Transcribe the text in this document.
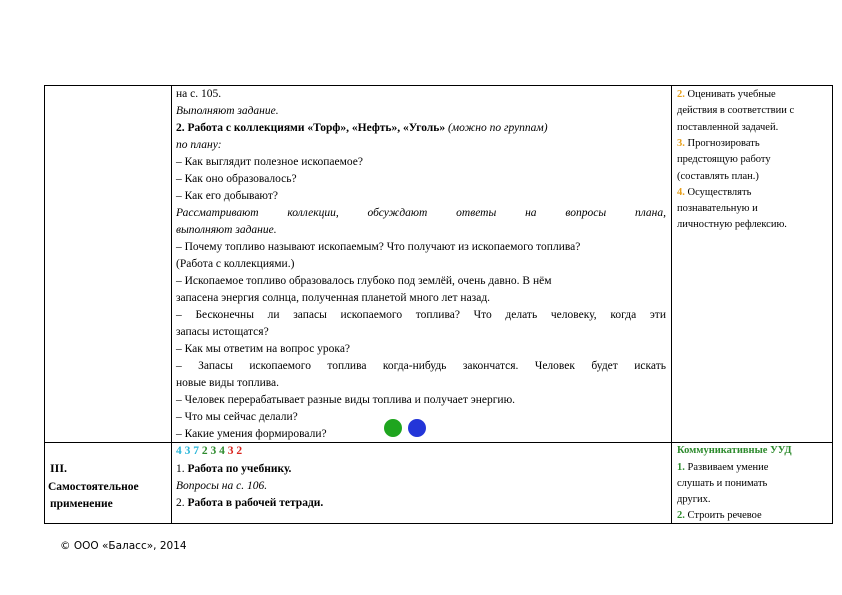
на с. 105.
Выполняют задание.
2. Работа с коллекциями «Торф», «Нефть», «Уголь» (можно по группам)
по плану:
– Как выглядит полезное ископаемое?
– Как оно образовалось?
– Как его добывают?
Рассматривают коллекции, обсуждают ответы на вопросы плана,
выполняют задание.
– Почему топливо называют ископаемым? Что получают из ископаемого топлива?
(Работа с коллекциями.)
– Ископаемое топливо образовалось глубоко под землёй, очень давно. В нём
запасена энергия солнца, полученная планетой много лет назад.
– Бесконечны ли запасы ископаемого топлива? Что делать человеку, когда эти
запасы истощатся?
– Как мы ответим на вопрос урока?
– Запасы ископаемого топлива когда-нибудь закончатся. Человек будет искать
новые виды топлива.
– Человек перерабатывает разные виды топлива и получает энергию.
– Что мы сейчас делали?
– Какие умения формировали?
2. Оценивать учебные
действия в соответствии с
поставленной задачей.
3. Прогнозировать
предстоящую работу
(составлять план.)
4. Осуществлять
познавательную и
личностную рефлексию.
III.
Самостоятельное
применение
4 3 7 2 3 4 3 2
1. Работа по учебнику.
Вопросы на с. 106.
2. Работа в рабочей тетради.
Коммуникативные УУД
1. Развиваем умение
слушать и понимать
других.
2. Строить речевое
© ООО «Баласс», 2014
